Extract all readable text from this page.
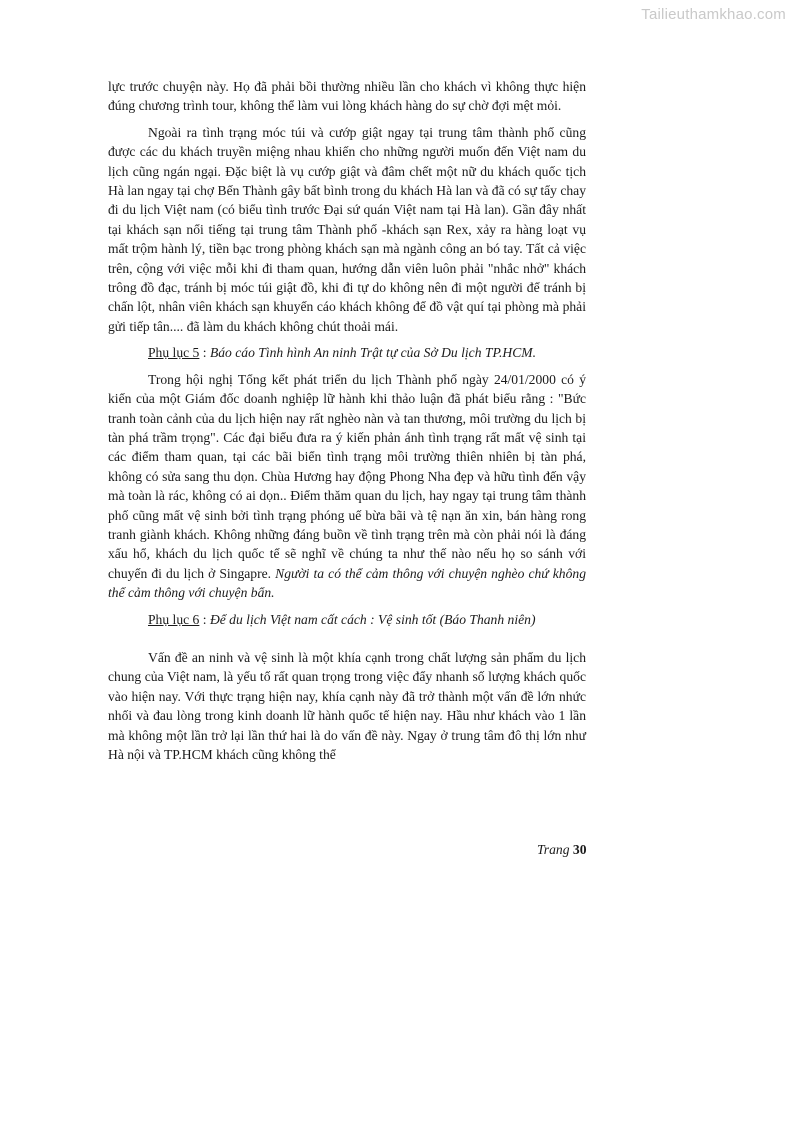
Tailieuthamkhao.com

lực trước chuyện này. Họ đã phải bồi thường nhiều lần cho khách vì không thực hiện đúng chương trình tour, không thể làm vui lòng khách hàng do sự chờ đợi mệt mỏi.

Ngoài ra tình trạng móc túi và cướp giật ngay tại trung tâm thành phố cũng được các du khách truyền miệng nhau khiến cho những người muốn đến Việt nam du lịch cũng ngán ngại. Đặc biệt là vụ cướp giật và đâm chết một nữ du khách quốc tịch Hà lan ngay tại chợ Bến Thành gây bất bình trong du khách Hà lan và đã có sự tẩy chay đi du lịch Việt nam (có biểu tình trước Đại sứ quán Việt nam tại Hà lan). Gần đây nhất tại khách sạn nổi tiếng tại trung tâm Thành phố -khách sạn Rex, xảy ra hàng loạt vụ mất trộm hành lý, tiền bạc trong phòng khách sạn mà ngành công an bó tay. Tất cả việc trên, cộng với việc mỗi khi đi tham quan, hướng dẫn viên luôn phải "nhắc nhở" khách trông đồ đạc, tránh bị móc túi giật đồ, khi đi tự do không nên đi một người để tránh bị chấn lột, nhân viên khách sạn khuyến cáo khách không để đồ vật quí tại phòng mà phải gửi tiếp tân.... đã làm du khách không chút thoải mái.

Phụ lục 5 : Báo cáo Tình hình An ninh Trật tự của Sở Du lịch TP.HCM.

Trong hội nghị Tổng kết phát triển du lịch Thành phố ngày 24/01/2000 có ý kiến của một Giám đốc doanh nghiệp lữ hành khi thảo luận đã phát biểu rằng : "Bức tranh toàn cảnh của du lịch hiện nay rất nghèo nàn và tan thương, môi trường du lịch bị tàn phá trầm trọng". Các đại biểu đưa ra ý kiến phản ánh tình trạng rất mất vệ sinh tại các điểm tham quan, tại các bãi biển tình trạng môi trường thiên nhiên bị tàn phá, không có sửa sang thu dọn. Chùa Hương hay động Phong Nha đẹp và hữu tình đến vậy mà toàn là rác, không có ai dọn.. Điểm thăm quan du lịch, hay ngay tại trung tâm thành phố cũng mất vệ sinh bởi tình trạng phóng uế bừa bãi và tệ nạn ăn xin, bán hàng rong tranh giành khách. Không những đáng buồn về tình trạng trên mà còn phải nói là đáng xấu hổ, khách du lịch quốc tế sẽ nghĩ về chúng ta như thế nào nếu họ so sánh với chuyến đi du lịch ở Singapre. Người ta có thể cảm thông với chuyện nghèo chứ không thể cảm thông với chuyện bẩn.

Phụ lục 6 : Để du lịch Việt nam cất cách : Vệ sinh tốt (Báo Thanh niên)

Vấn đề an ninh và vệ sinh là một khía cạnh trong chất lượng sản phẩm du lịch chung của Việt nam, là yếu tố rất quan trọng trong việc đẩy nhanh số lượng khách quốc vào hiện nay. Với thực trạng hiện nay, khía cạnh này đã trở thành một vấn đề lớn nhức nhối và đau lòng trong kinh doanh lữ hành quốc tế hiện nay. Hầu như khách vào 1 lần mà không một lần trở lại lần thứ hai là do vấn đề này. Ngay ở trung tâm đô thị lớn như Hà nội và TP.HCM khách cũng không thể

Trang 30
